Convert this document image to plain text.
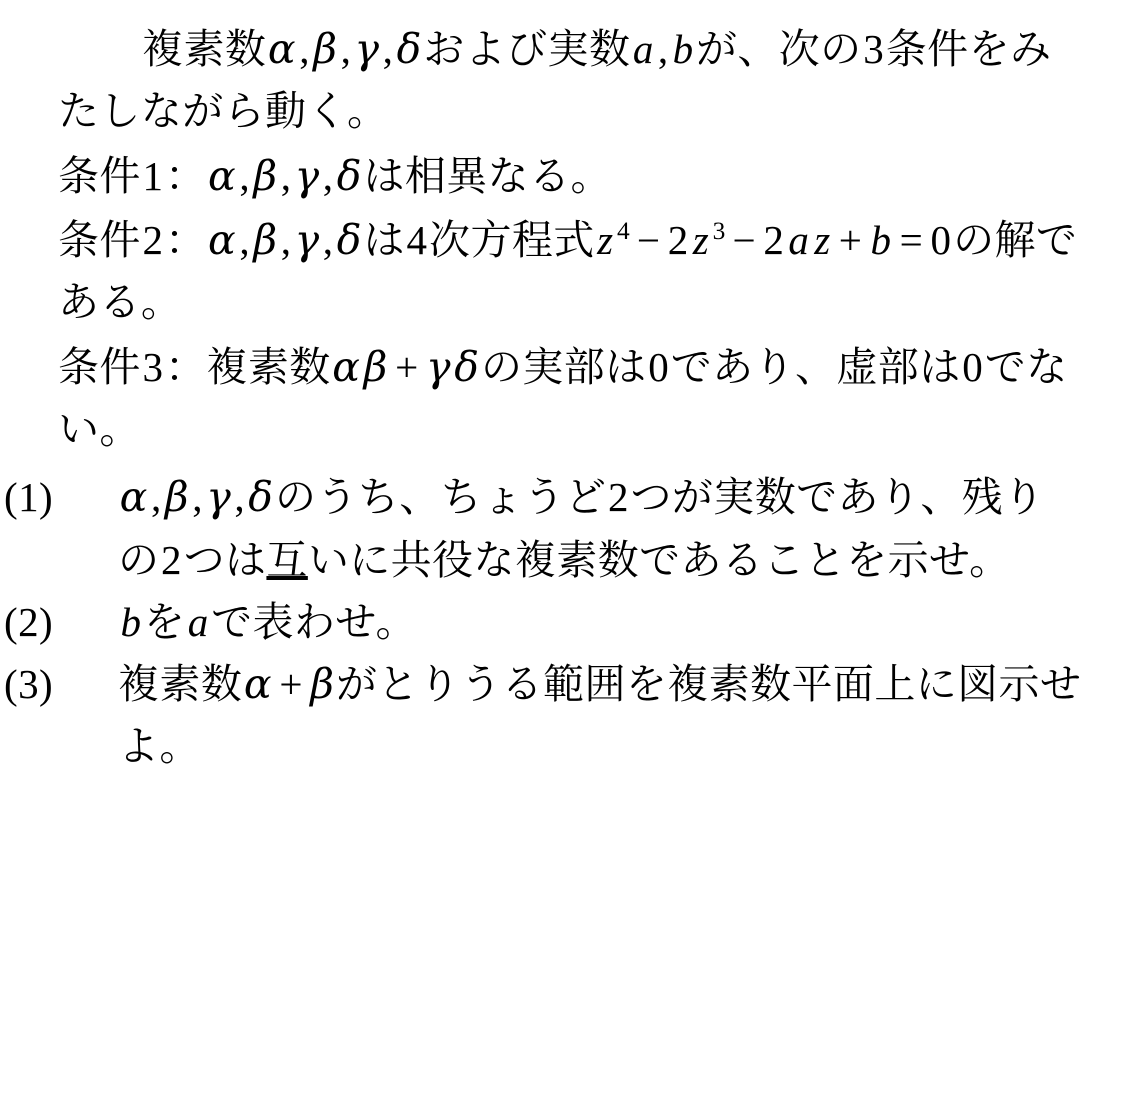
複素数α,β,γ,δおよび実数a,bが、次の3条件をみたしながら動く。

条件1：α,β,γ,δは相異なる。

条件2：α,β,γ,δは4次方程式z $^4$ − 2z $^3$ − 2a z + b = 0の解である。

条件3：複素数αβ + γδの実部は0であり、虚部は0でない。

(1)	α,β,γ,δのうち、ちょうど2つが実数であり、残りの2つは互いに共役な複素数であることを示せ。

(2)	bをaで表わせ。

(3)	複素数α + βがとりうる範囲を複素数平面上に図示せよ。
